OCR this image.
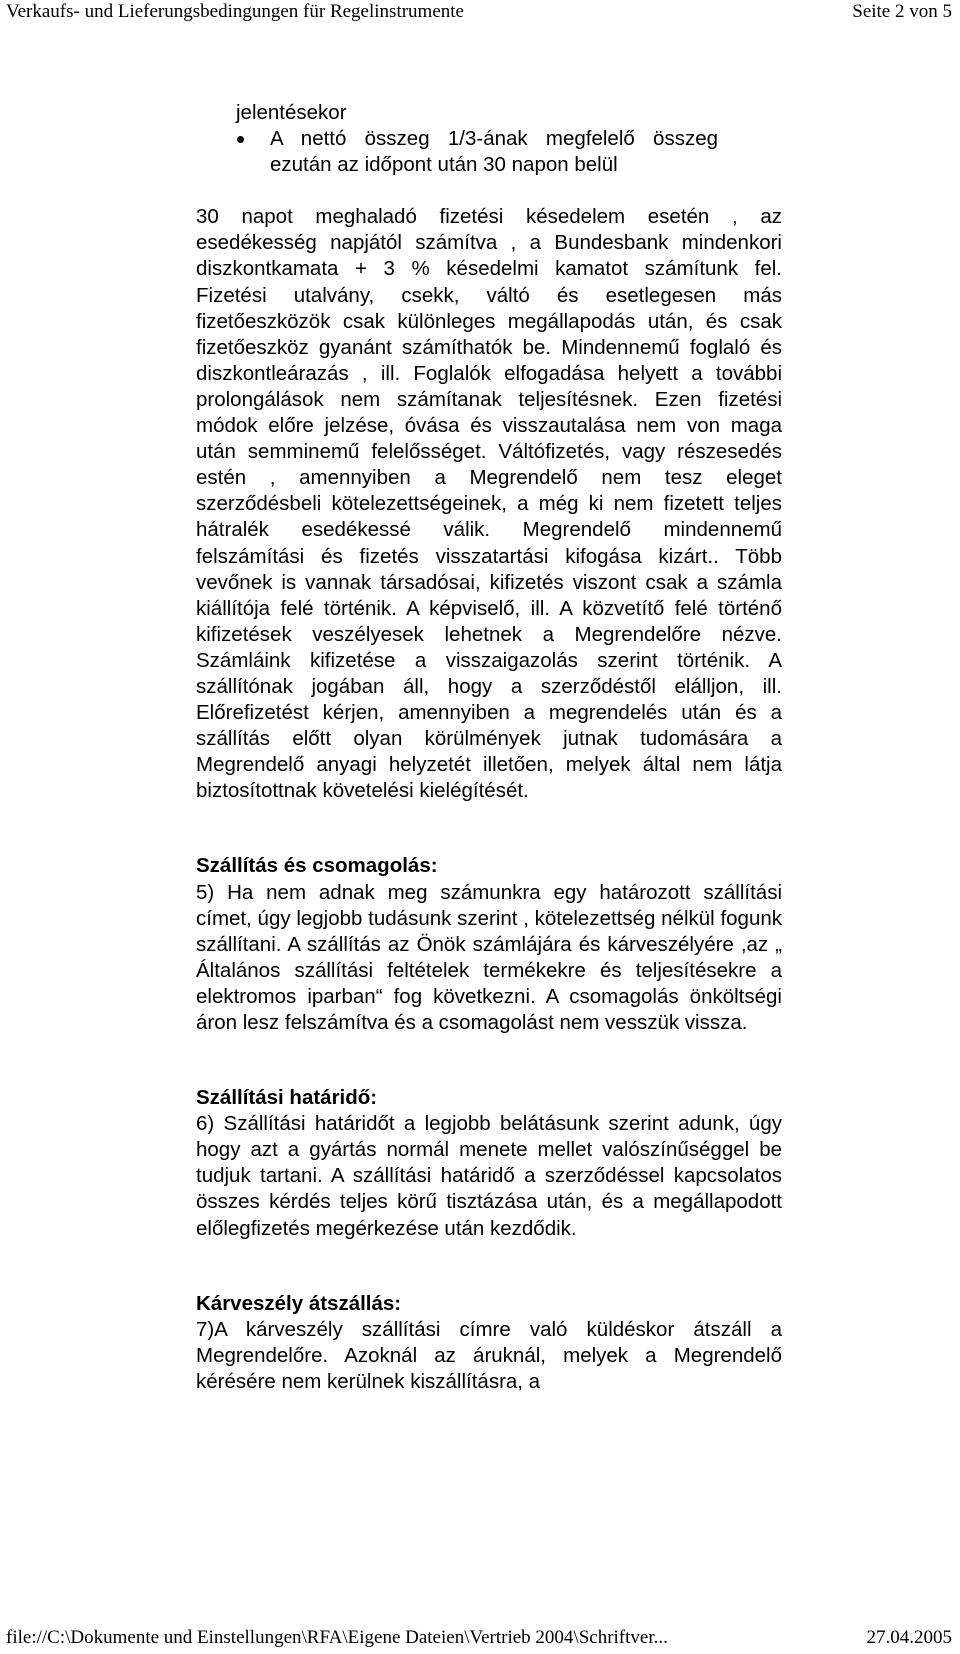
Verkaufs- und Lieferungsbedingungen für Regelinstrumente	Seite 2 von 5

jelentésekor

•	A nettó összeg 1/3-ának megfelelő összeg ezután az időpont után 30 napon belül

30 napot meghaladó fizetési késedelem esetén , az esedékesség napjától számítva , a Bundesbank mindenkori diszkontkamata + 3 % késedelmi kamatot számítunk fel. Fizetési utalvány, csekk, váltó és esetlegesen más fizetőeszközök csak különleges megállapodás után, és csak fizetőeszköz gyanánt számíthatók be. Mindennemű foglaló és diszkontleárazás , ill. Foglalók elfogadása helyett a további prolongálások nem számítanak teljesítésnek. Ezen fizetési módok előre jelzése, óvása és visszautalása nem von maga után semminemű felelősséget. Váltófizetés, vagy részesedés estén , amennyiben a Megrendelő nem tesz eleget szerződésbeli kötelezettségeinek, a még ki nem fizetett teljes hátralék esedékessé válik. Megrendelő mindennemű felszámítási és fizetés visszatartási kifogása kizárt.. Több vevőnek is vannak társadósai, kifizetés viszont csak a számla kiállítója felé történik. A képviselő, ill. A közvetítő felé történő kifizetések veszélyesek lehetnek a Megrendelőre nézve. Számláink kifizetése a visszaigazolás szerint történik. A szállítónak jogában áll, hogy a szerződéstől elálljon, ill. Előrefizetést kérjen, amennyiben a megrendelés után és a szállítás előtt olyan körülmények jutnak tudomására a Megrendelő anyagi helyzetét illetően, melyek által nem látja biztosítottnak követelési kielégítését.

Szállítás és csomagolás:

5) Ha nem adnak meg számunkra egy határozott szállítási címet, úgy legjobb tudásunk szerint , kötelezettség nélkül fogunk szállítani. A szállítás az Önök számlájára és kárveszélyére ,az „ Általános szállítási feltételek termékekre és teljesítésekre a elektromos iparban“ fog következni. A csomagolás önköltségi áron lesz felszámítva és a csomagolást nem vesszük vissza.

Szállítási határidő:

6) Szállítási határidőt a legjobb belátásunk szerint adunk, úgy hogy azt a gyártás normál menete mellet valószínűséggel be tudjuk tartani. A szállítási határidő a szerződéssel kapcsolatos összes kérdés teljes körű tisztázása után, és a megállapodott előlegfizetés megérkezése után kezdődik.

Kárveszély átszállás:

7)A kárveszély szállítási címre való küldéskor átszáll a Megrendelőre. Azoknál az áruknál, melyek a Megrendelő kérésére nem kerülnek kiszállításra, a

file://C:\Dokumente und Einstellungen\RFA\Eigene Dateien\Vertrieb 2004\Schriftver...	27.04.2005
